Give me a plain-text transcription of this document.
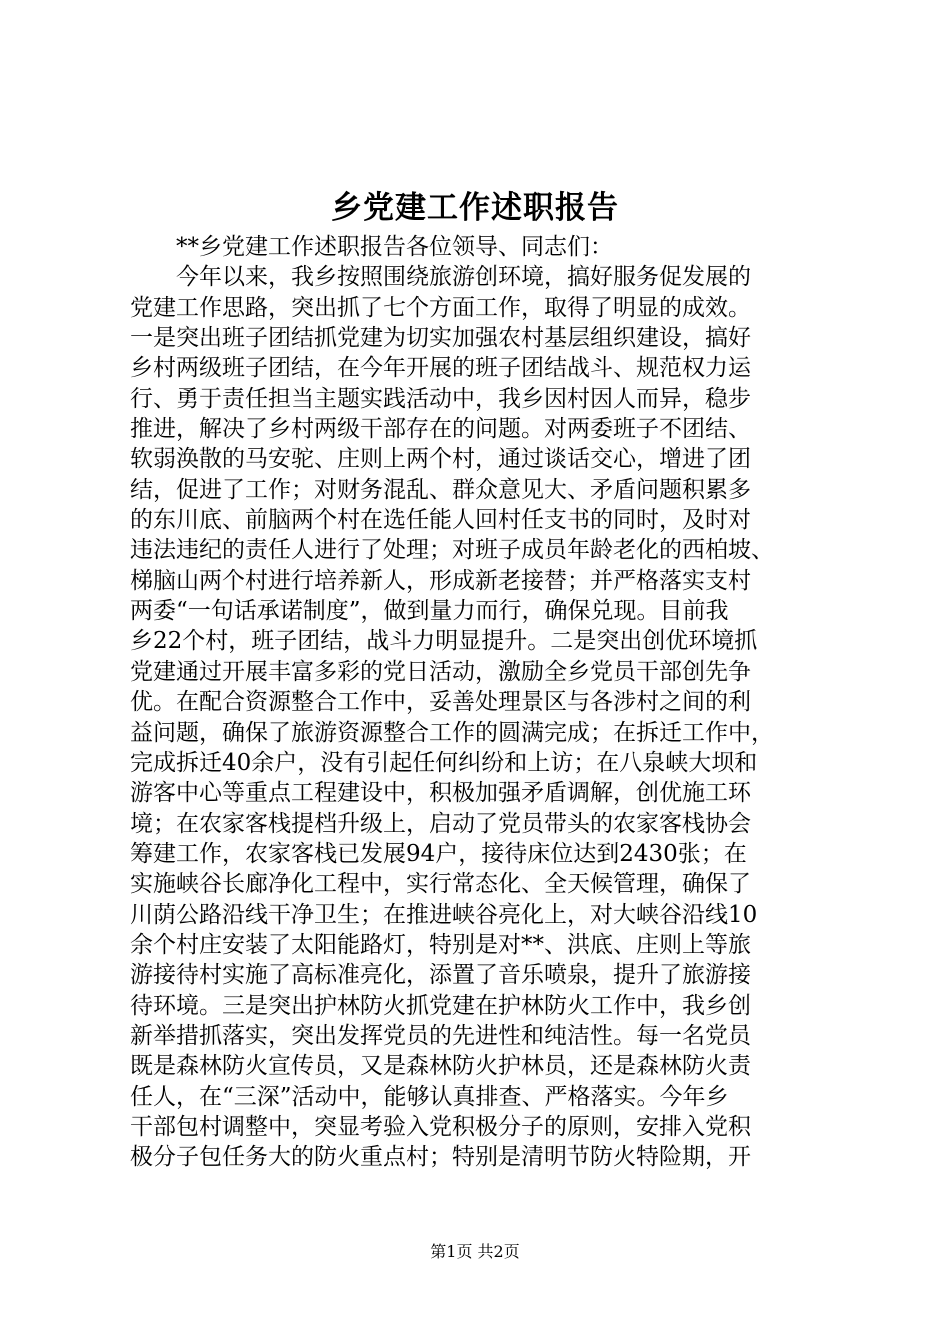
乡党建工作述职报告
　　**乡党建工作述职报告各位领导、同志们：
　　今年以来，我乡按照围绕旅游创环境，搞好服务促发展的
党建工作思路，突出抓了七个方面工作，取得了明显的成效。
一是突出班子团结抓党建为切实加强农村基层组织建设，搞好
乡村两级班子团结，在今年开展的班子团结战斗、规范权力运
行、勇于责任担当主题实践活动中，我乡因村因人而异，稳步
推进，解决了乡村两级干部存在的问题。对两委班子不团结、
软弱涣散的马安驼、庄则上两个村，通过谈话交心，增进了团
结，促进了工作；对财务混乱、群众意见大、矛盾问题积累多
的东川底、前脑两个村在选任能人回村任支书的同时，及时对
违法违纪的责任人进行了处理；对班子成员年龄老化的西柏坡、
梯脑山两个村进行培养新人，形成新老接替；并严格落实支村
两委“一句话承诺制度”，做到量力而行，确保兑现。目前我
乡22个村，班子团结，战斗力明显提升。二是突出创优环境抓
党建通过开展丰富多彩的党日活动，激励全乡党员干部创先争
优。在配合资源整合工作中，妥善处理景区与各涉村之间的利
益问题，确保了旅游资源整合工作的圆满完成；在拆迁工作中，
完成拆迁40余户，没有引起任何纠纷和上访；在八泉峡大坝和
游客中心等重点工程建设中，积极加强矛盾调解，创优施工环
境；在农家客栈提档升级上，启动了党员带头的农家客栈协会
筹建工作，农家客栈已发展94户，接待床位达到2430张；在
实施峡谷长廊净化工程中，实行常态化、全天候管理，确保了
川荫公路沿线干净卫生；在推进峡谷亮化上，对大峡谷沿线10
余个村庄安装了太阳能路灯，特别是对**、洪底、庄则上等旅
游接待村实施了高标准亮化，添置了音乐喷泉，提升了旅游接
待环境。三是突出护林防火抓党建在护林防火工作中，我乡创
新举措抓落实，突出发挥党员的先进性和纯洁性。每一名党员
既是森林防火宣传员，又是森林防火护林员，还是森林防火责
任人，在“三深”活动中，能够认真排查、严格落实。今年乡
干部包村调整中，突显考验入党积极分子的原则，安排入党积
极分子包任务大的防火重点村；特别是清明节防火特险期，开
第1页 共2页
